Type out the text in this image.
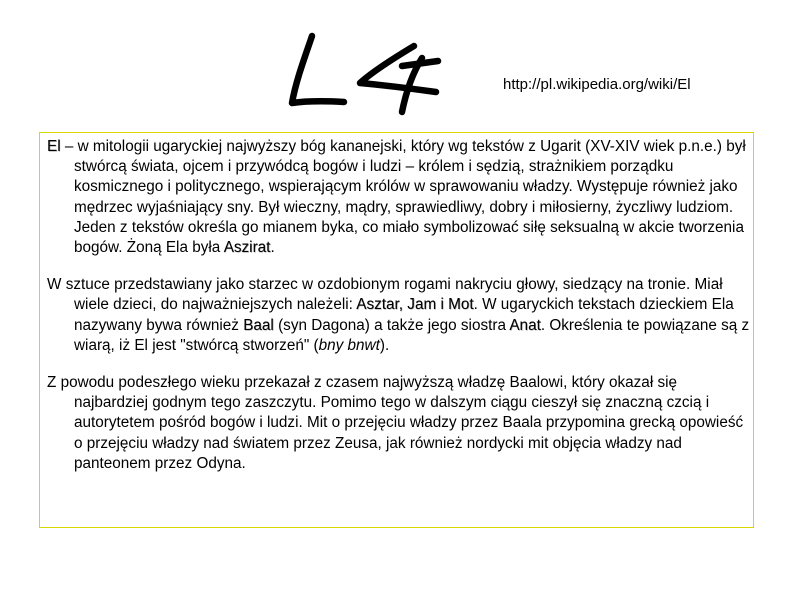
http://pl.wikipedia.org/wiki/El

El – w mitologii ugaryckiej najwyższy bóg kananejski, który wg tekstów z Ugarit (XV-XIV wiek p.n.e.) był stwórcą świata, ojcem i przywódcą bogów i ludzi – królem i sędzią, strażnikiem porządku kosmicznego i politycznego, wspierającym królów w sprawowaniu władzy. Występuje również jako mędrzec wyjaśniający sny. Był wieczny, mądry, sprawiedliwy, dobry i miłosierny, życzliwy ludziom. Jeden z tekstów określa go mianem byka, co miało symbolizować siłę seksualną w akcie tworzenia bogów. Żoną Ela była Aszirat.

W sztuce przedstawiany jako starzec w ozdobionym rogami nakryciu głowy, siedzący na tronie. Miał wiele dzieci, do najważniejszych należeli: Asztar, Jam i Mot. W ugaryckich tekstach dzieckiem Ela nazywany bywa również Baal (syn Dagona) a także jego siostra Anat. Określenia te powiązane są z wiarą, iż El jest "stwórcą stworzeń" (bny bnwt).

Z powodu podeszłego wieku przekazał z czasem najwyższą władzę Baalowi, który okazał się najbardziej godnym tego zaszczytu. Pomimo tego w dalszym ciągu cieszył się znaczną czcią i autorytetem pośród bogów i ludzi. Mit o przejęciu władzy przez Baala przypomina grecką opowieść o przejęciu władzy nad światem przez Zeusa, jak również nordycki mit objęcia władzy nad panteonem przez Odyna.
